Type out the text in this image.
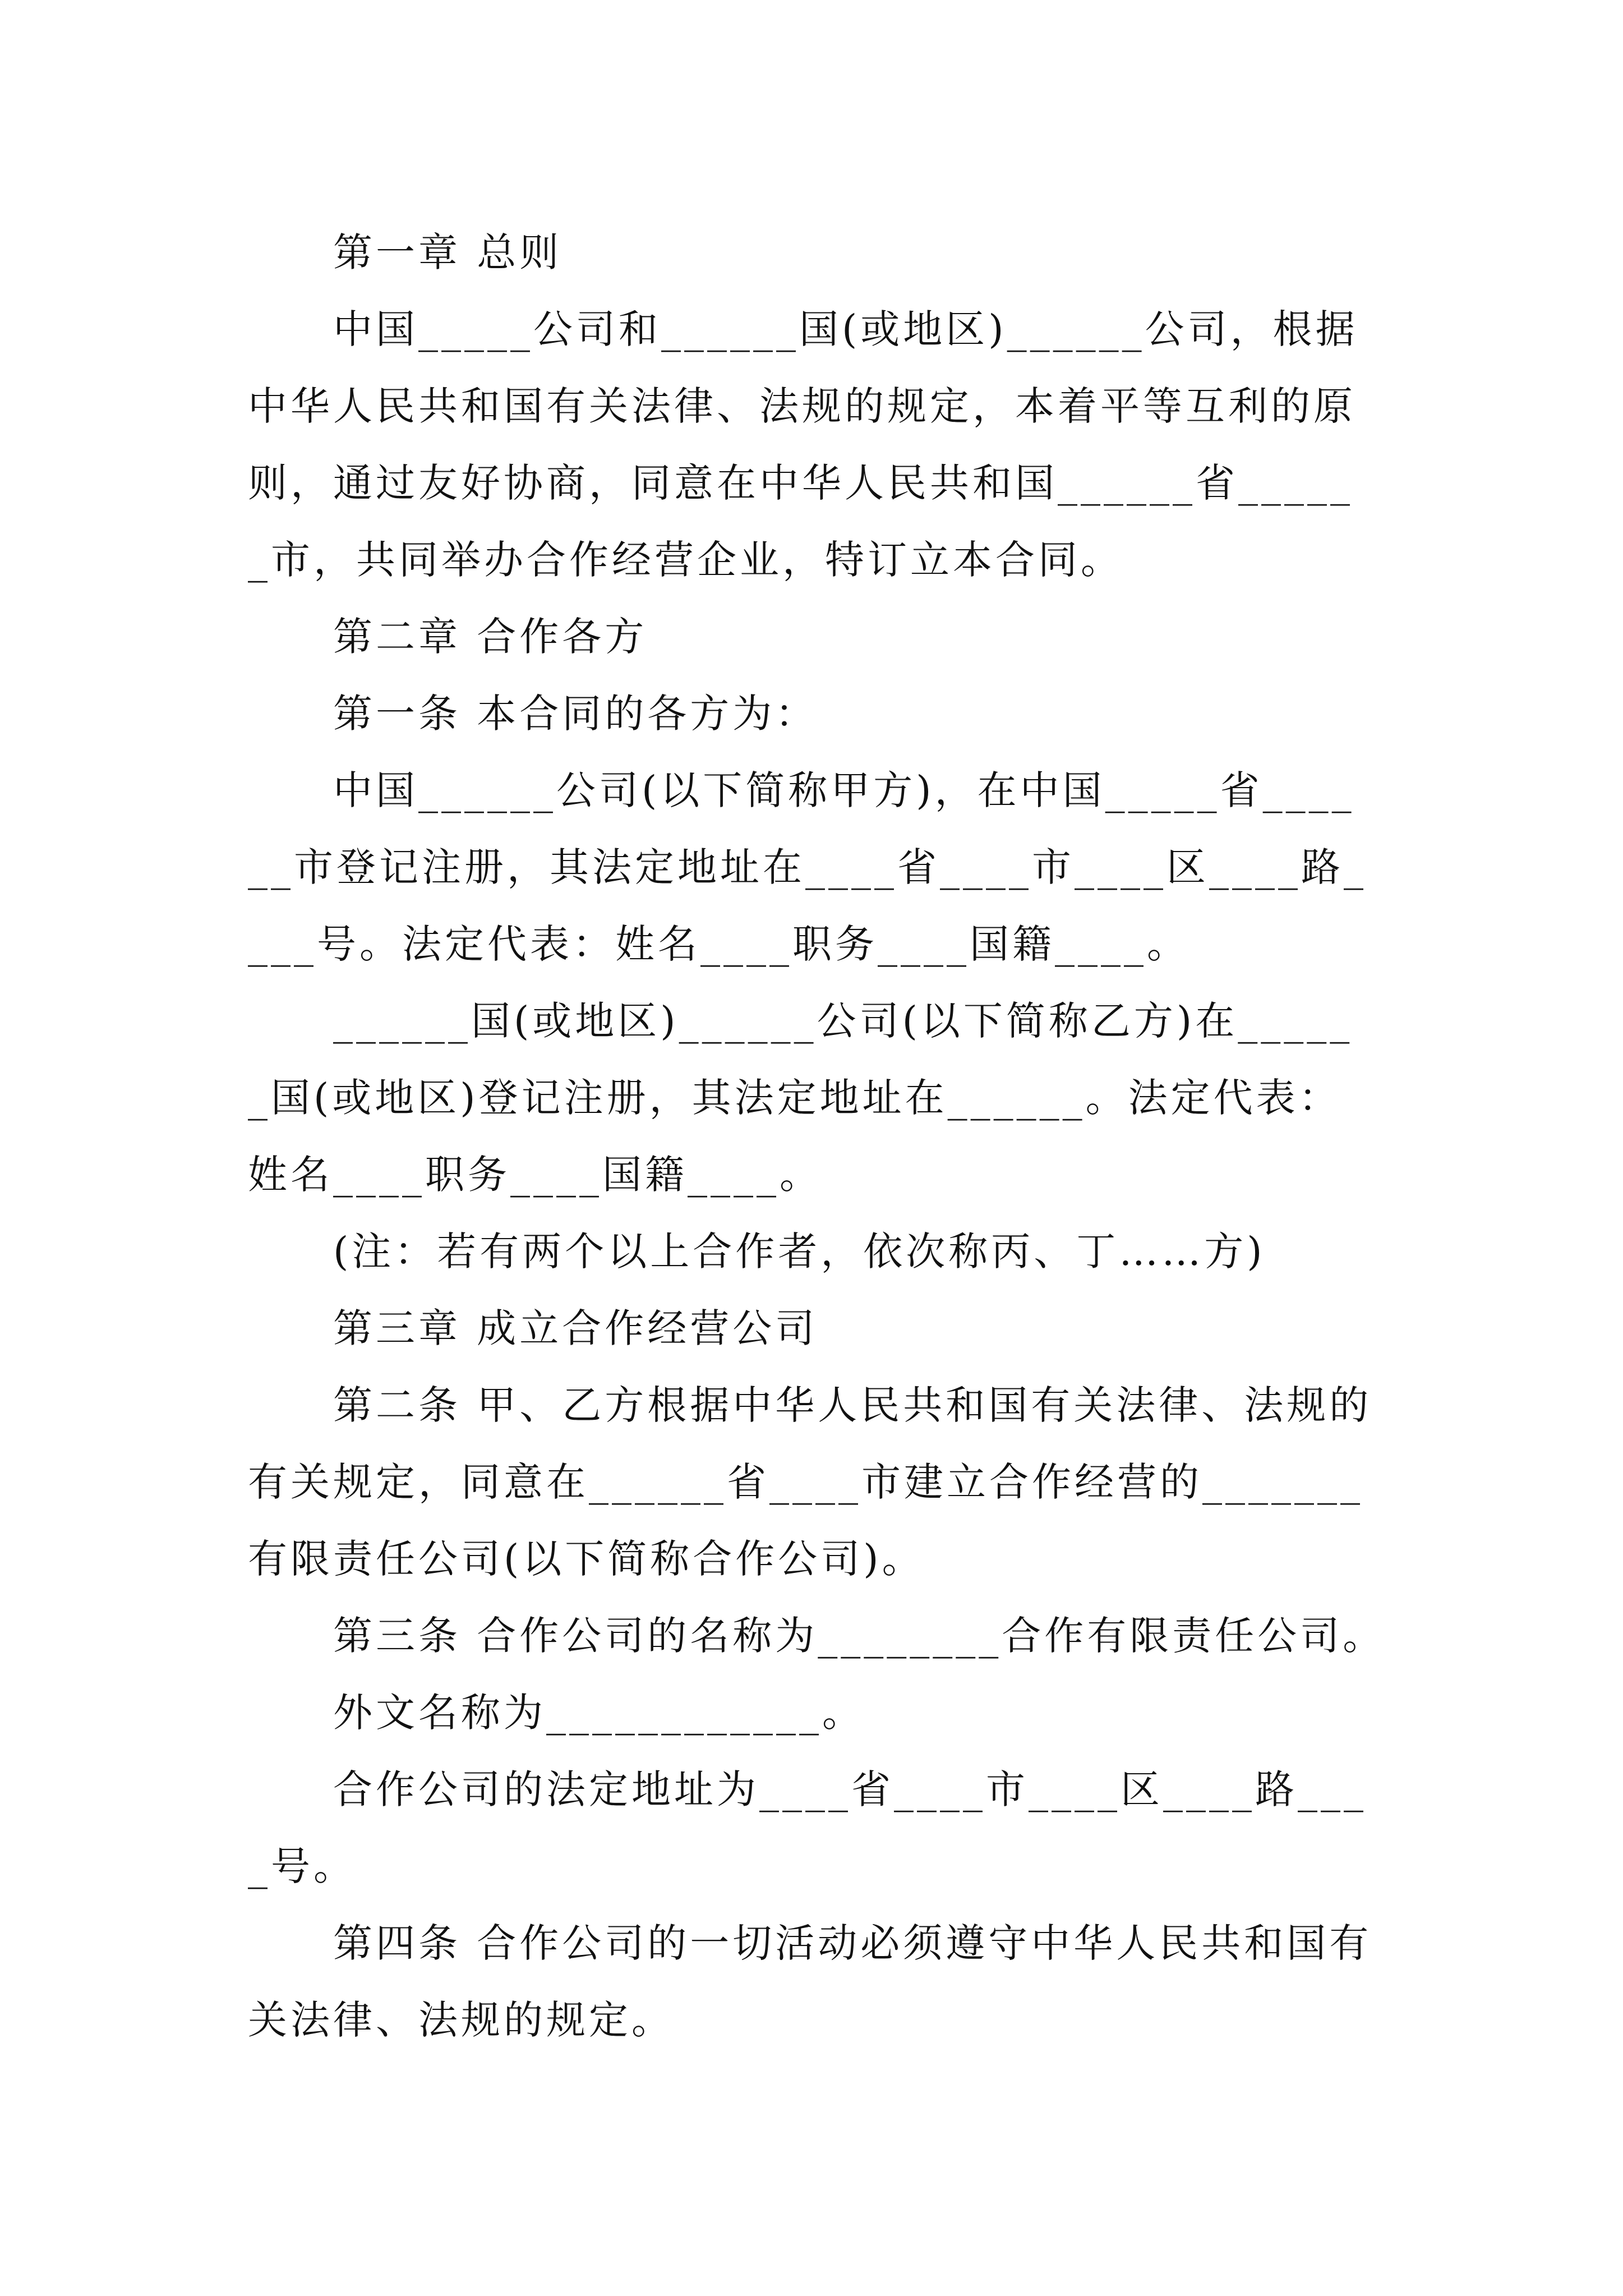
第一章 总则

中国_____公司和______国(或地区)______公司，根据中华人民共和国有关法律、法规的规定，本着平等互利的原则，通过友好协商，同意在中华人民共和国______省______市，共同举办合作经营企业，特订立本合同。

第二章 合作各方
第一条 本合同的各方为：

中国______公司(以下简称甲方)，在中国_____省______市登记注册，其法定地址在____省____市____区____路____号。法定代表：姓名____职务____国籍____。

______国(或地区)______公司(以下简称乙方)在______国(或地区)登记注册，其法定地址在______。法定代表：姓名____职务____国籍____。

(注：若有两个以上合作者，依次称丙、丁……方)
第三章 成立合作经营公司

第二条 甲、乙方根据中华人民共和国有关法律、法规的有关规定，同意在______省____市建立合作经营的_______有限责任公司(以下简称合作公司)。

第三条 合作公司的名称为________合作有限责任公司。
外文名称为____________。

合作公司的法定地址为____省____市____区____路____号。

第四条 合作公司的一切活动必须遵守中华人民共和国有关法律、法规的规定。
